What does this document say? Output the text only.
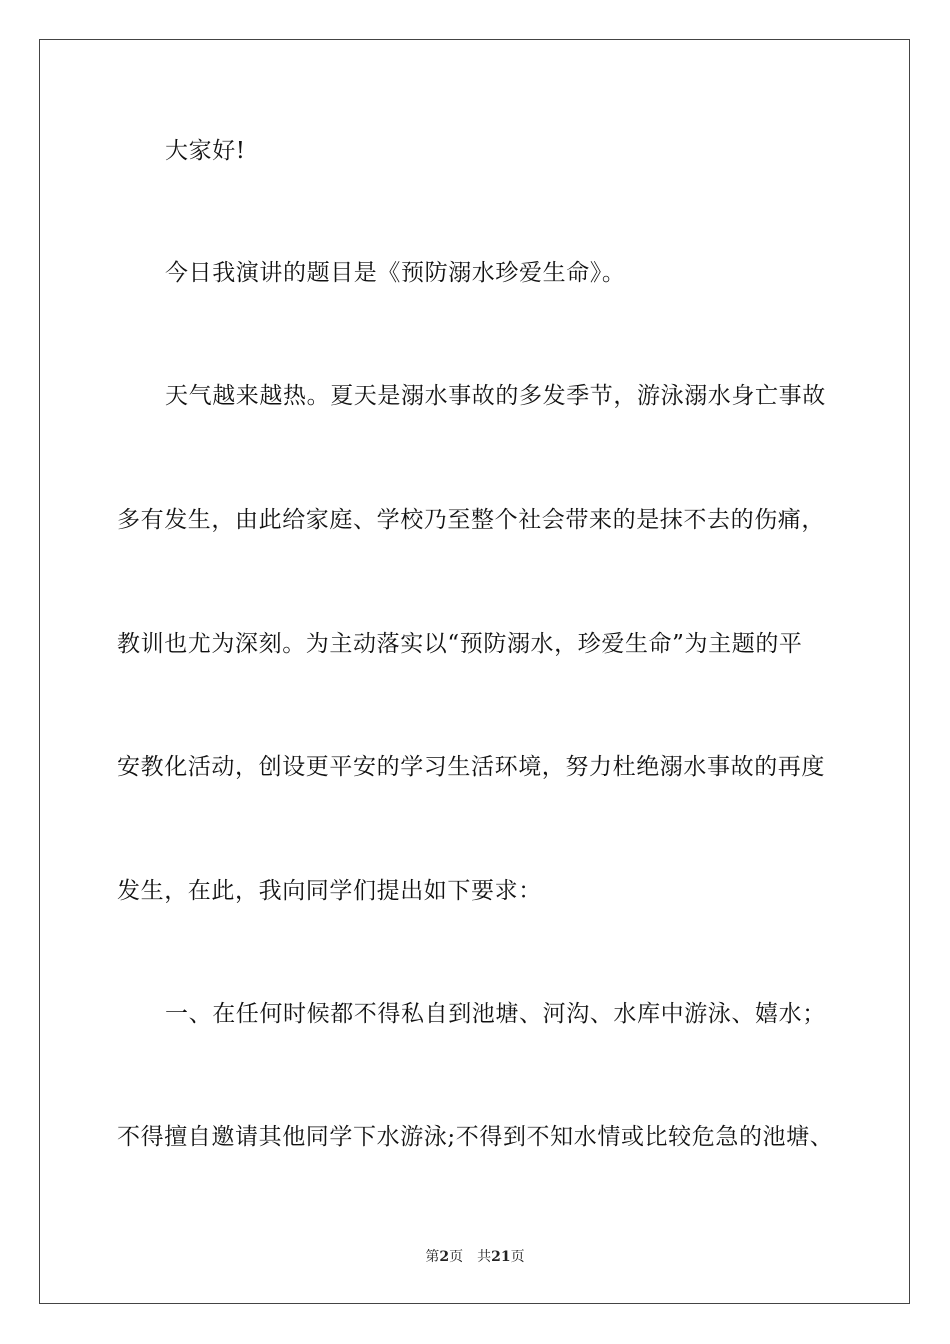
大家好!
今日我演讲的题目是《预防溺水珍爱生命》。
天气越来越热。夏天是溺水事故的多发季节，游泳溺水身亡事故
多有发生，由此给家庭、学校乃至整个社会带来的是抹不去的伤痛，
教训也尤为深刻。为主动落实以“预防溺水，珍爱生命”为主题的平
安教化活动，创设更平安的学习生活环境，努力杜绝溺水事故的再度
发生，在此，我向同学们提出如下要求：
一、在任何时候都不得私自到池塘、河沟、水库中游泳、嬉水；
不得擅自邀请其他同学下水游泳;不得到不知水情或比较危急的池塘、
第2页 共21页
